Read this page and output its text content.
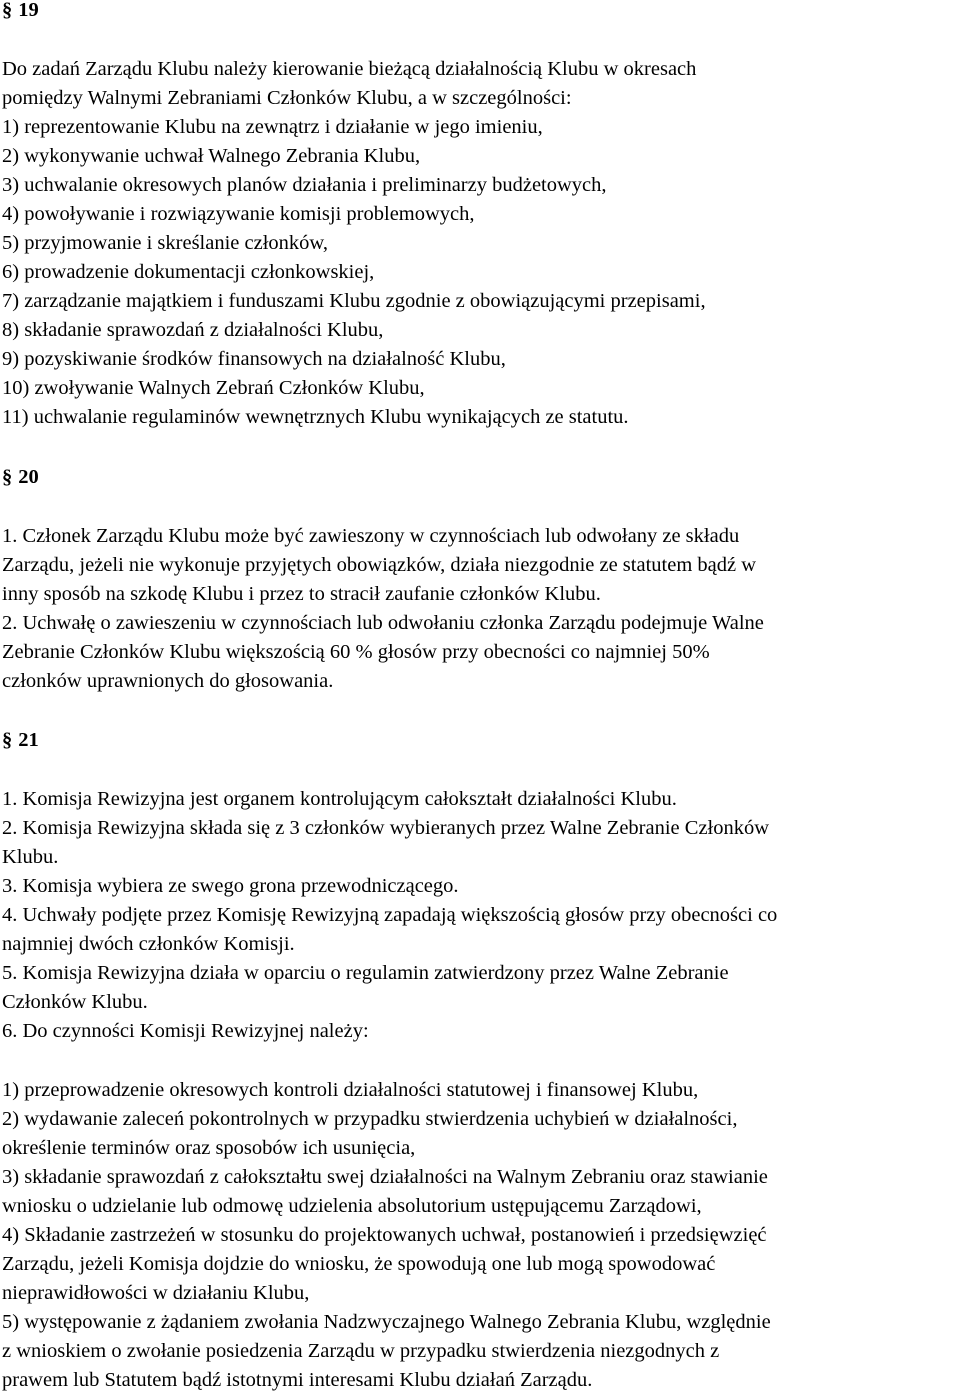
§ 19
Do zadań Zarządu Klubu należy kierowanie bieżącą działalnością Klubu w okresach
pomiędzy Walnymi Zebraniami Członków Klubu, a w szczególności:
1) reprezentowanie Klubu na zewnątrz i działanie w jego imieniu,
2) wykonywanie uchwał Walnego Zebrania Klubu,
3) uchwalanie okresowych planów działania i preliminarzy budżetowych,
4) powoływanie i rozwiązywanie komisji problemowych,
5) przyjmowanie i skreślanie członków,
6) prowadzenie dokumentacji członkowskiej,
7) zarządzanie majątkiem i funduszami Klubu zgodnie z obowiązującymi przepisami,
8) składanie sprawozdań z działalności Klubu,
9) pozyskiwanie środków finansowych na działalność Klubu,
10) zwoływanie Walnych Zebrań Członków Klubu,
11) uchwalanie regulaminów wewnętrznych Klubu wynikających ze statutu.
§ 20
1. Członek Zarządu Klubu może być zawieszony w czynnościach lub odwołany ze składu
Zarządu, jeżeli nie wykonuje przyjętych obowiązków, działa niezgodnie ze statutem bądź w
inny sposób na szkodę Klubu i przez to stracił zaufanie członków Klubu.
2. Uchwałę o zawieszeniu w czynnościach lub odwołaniu członka Zarządu podejmuje Walne
Zebranie Członków Klubu większością 60 % głosów przy obecności co najmniej 50%
członków uprawnionych do głosowania.
§ 21
1. Komisja Rewizyjna jest organem kontrolującym całokształt działalności Klubu.
2. Komisja Rewizyjna składa się z 3 członków wybieranych przez Walne Zebranie Członków
Klubu.
3. Komisja wybiera ze swego grona przewodniczącego.
4. Uchwały podjęte przez Komisję Rewizyjną zapadają większością głosów przy obecności co
najmniej dwóch członków Komisji.
5. Komisja Rewizyjna działa w oparciu o regulamin zatwierdzony przez Walne Zebranie
Członków Klubu.
6. Do czynności Komisji Rewizyjnej należy:
1) przeprowadzenie okresowych kontroli działalności statutowej i finansowej Klubu,
2) wydawanie zaleceń pokontrolnych w przypadku stwierdzenia uchybień w działalności,
określenie terminów oraz sposobów ich usunięcia,
3) składanie sprawozdań z całokształtu swej działalności na Walnym Zebraniu oraz stawianie
wniosku o udzielanie lub odmowę udzielenia absolutorium ustępującemu Zarządowi,
4) Składanie zastrzeżeń w stosunku do projektowanych uchwał, postanowień i przedsięwzięć
Zarządu, jeżeli Komisja dojdzie do wniosku, że spowodują one lub mogą spowodować
nieprawidłowości w działaniu Klubu,
5) występowanie z żądaniem zwołania Nadzwyczajnego Walnego Zebrania Klubu, względnie
z wnioskiem o zwołanie posiedzenia Zarządu w przypadku stwierdzenia niezgodnych z
prawem lub Statutem bądź istotnymi interesami Klubu działań Zarządu.
